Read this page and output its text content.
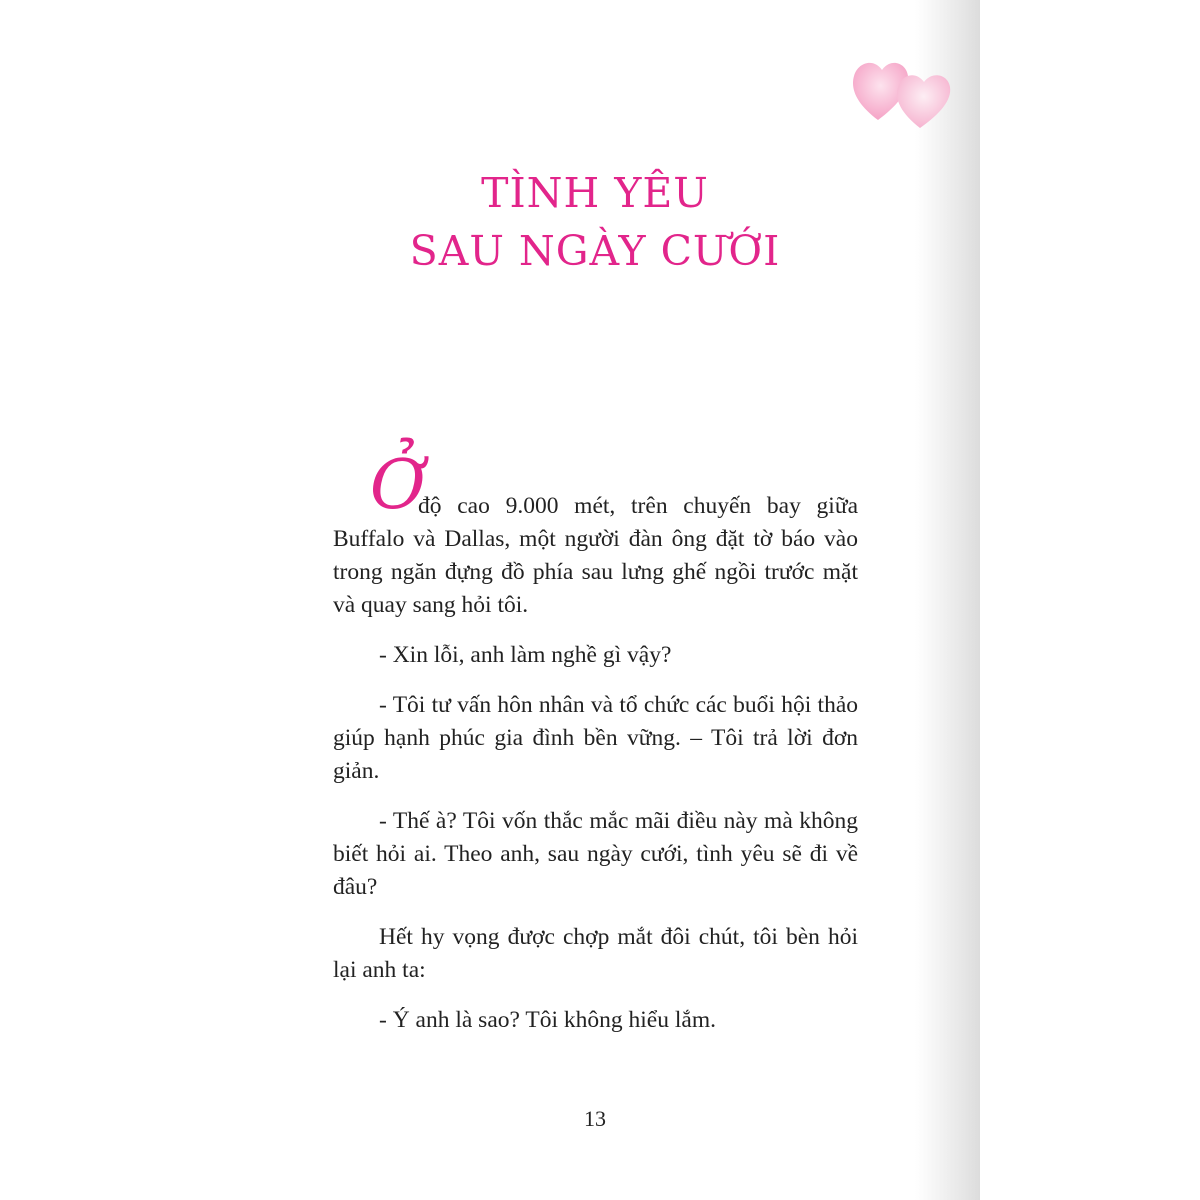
TÌNH YÊU
SAU NGÀY CƯỚI
Ở

độ cao 9.000 mét, trên chuyến bay giữa Buffalo và Dallas, một người đàn ông đặt tờ báo vào trong ngăn đựng đồ phía sau lưng ghế ngồi trước mặt và quay sang hỏi tôi.

- Xin lỗi, anh làm nghề gì vậy?

- Tôi tư vấn hôn nhân và tổ chức các buổi hội thảo giúp hạnh phúc gia đình bền vững. – Tôi trả lời đơn giản.

- Thế à? Tôi vốn thắc mắc mãi điều này mà không biết hỏi ai. Theo anh, sau ngày cưới, tình yêu sẽ đi về đâu?

Hết hy vọng được chợp mắt đôi chút, tôi bèn hỏi lại anh ta:

- Ý anh là sao? Tôi không hiểu lắm.

13
